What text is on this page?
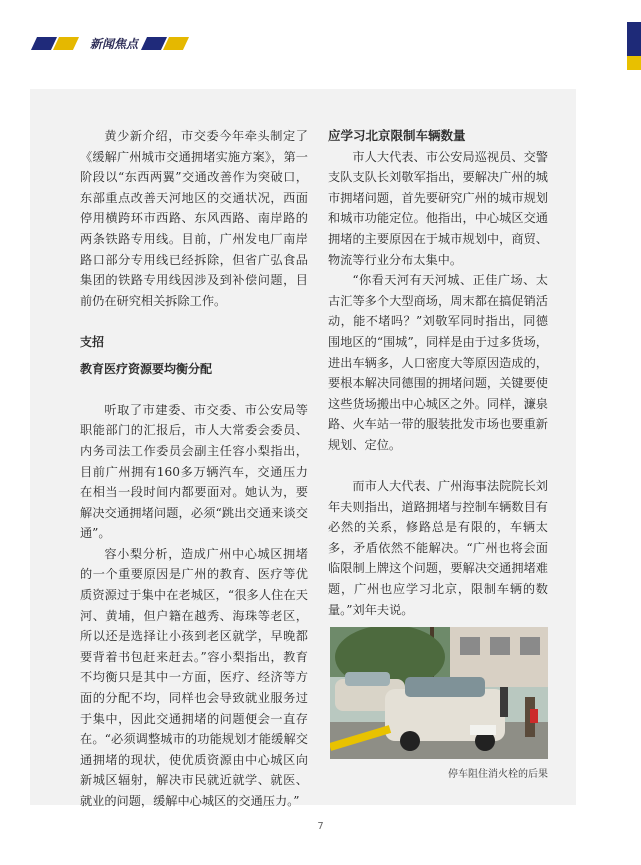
新闻焦点

黄少新介绍，市交委今年牵头制定了《缓解广州城市交通拥堵实施方案》，第一阶段以“东西两翼”交通改善作为突破口，东部重点改善天河地区的交通状况，西面停用横跨环市西路、东风西路、南岸路的两条铁路专用线。目前，广州发电厂南岸路口部分专用线已经拆除，但省广弘食品集团的铁路专用线因涉及到补偿问题，目前仍在研究相关拆除工作。

支招

教育医疗资源要均衡分配

听取了市建委、市交委、市公安局等职能部门的汇报后，市人大常委会委员、内务司法工作委员会副主任容小梨指出，目前广州拥有160多万辆汽车，交通压力在相当一段时间内都要面对。她认为，要解决交通拥堵问题，必须“跳出交通来谈交通”。

容小梨分析，造成广州中心城区拥堵的一个重要原因是广州的教育、医疗等优质资源过于集中在老城区，“很多人住在天河、黄埔，但户籍在越秀、海珠等老区，所以还是选择让小孩到老区就学，早晚都要背着书包赶来赶去。”容小梨指出，教育不均衡只是其中一方面，医疗、经济等方面的分配不均，同样也会导致就业服务过于集中，因此交通拥堵的问题便会一直存在。“必须调整城市的功能规划才能缓解交通拥堵的现状，使优质资源由中心城区向新城区辐射，解决市民就近就学、就医、就业的问题，缓解中心城区的交通压力。”

应学习北京限制车辆数量

市人大代表、市公安局巡视员、交警支队支队长刘敬军指出，要解决广州的城市拥堵问题，首先要研究广州的城市规划和城市功能定位。他指出，中心城区交通拥堵的主要原因在于城市规划中，商贸、物流等行业分布太集中。

“你看天河有天河城、正佳广场、太古汇等多个大型商场，周末都在搞促销活动，能不堵吗？”刘敬军同时指出，同德围地区的“围城”，同样是由于过多货场，进出车辆多，人口密度大等原因造成的，要根本解决同德围的拥堵问题，关键要使这些货场搬出中心城区之外。同样，濂泉路、火车站一带的服装批发市场也要重新规划、定位。

而市人大代表、广州海事法院院长刘年夫则指出，道路拥堵与控制车辆数目有必然的关系，修路总是有限的，车辆太多，矛盾依然不能解决。“广州也将会面临限制上牌这个问题，要解决交通拥堵难题，广州也应学习北京，限制车辆的数量。”刘年夫说。

停车阻住消火栓的后果
7
